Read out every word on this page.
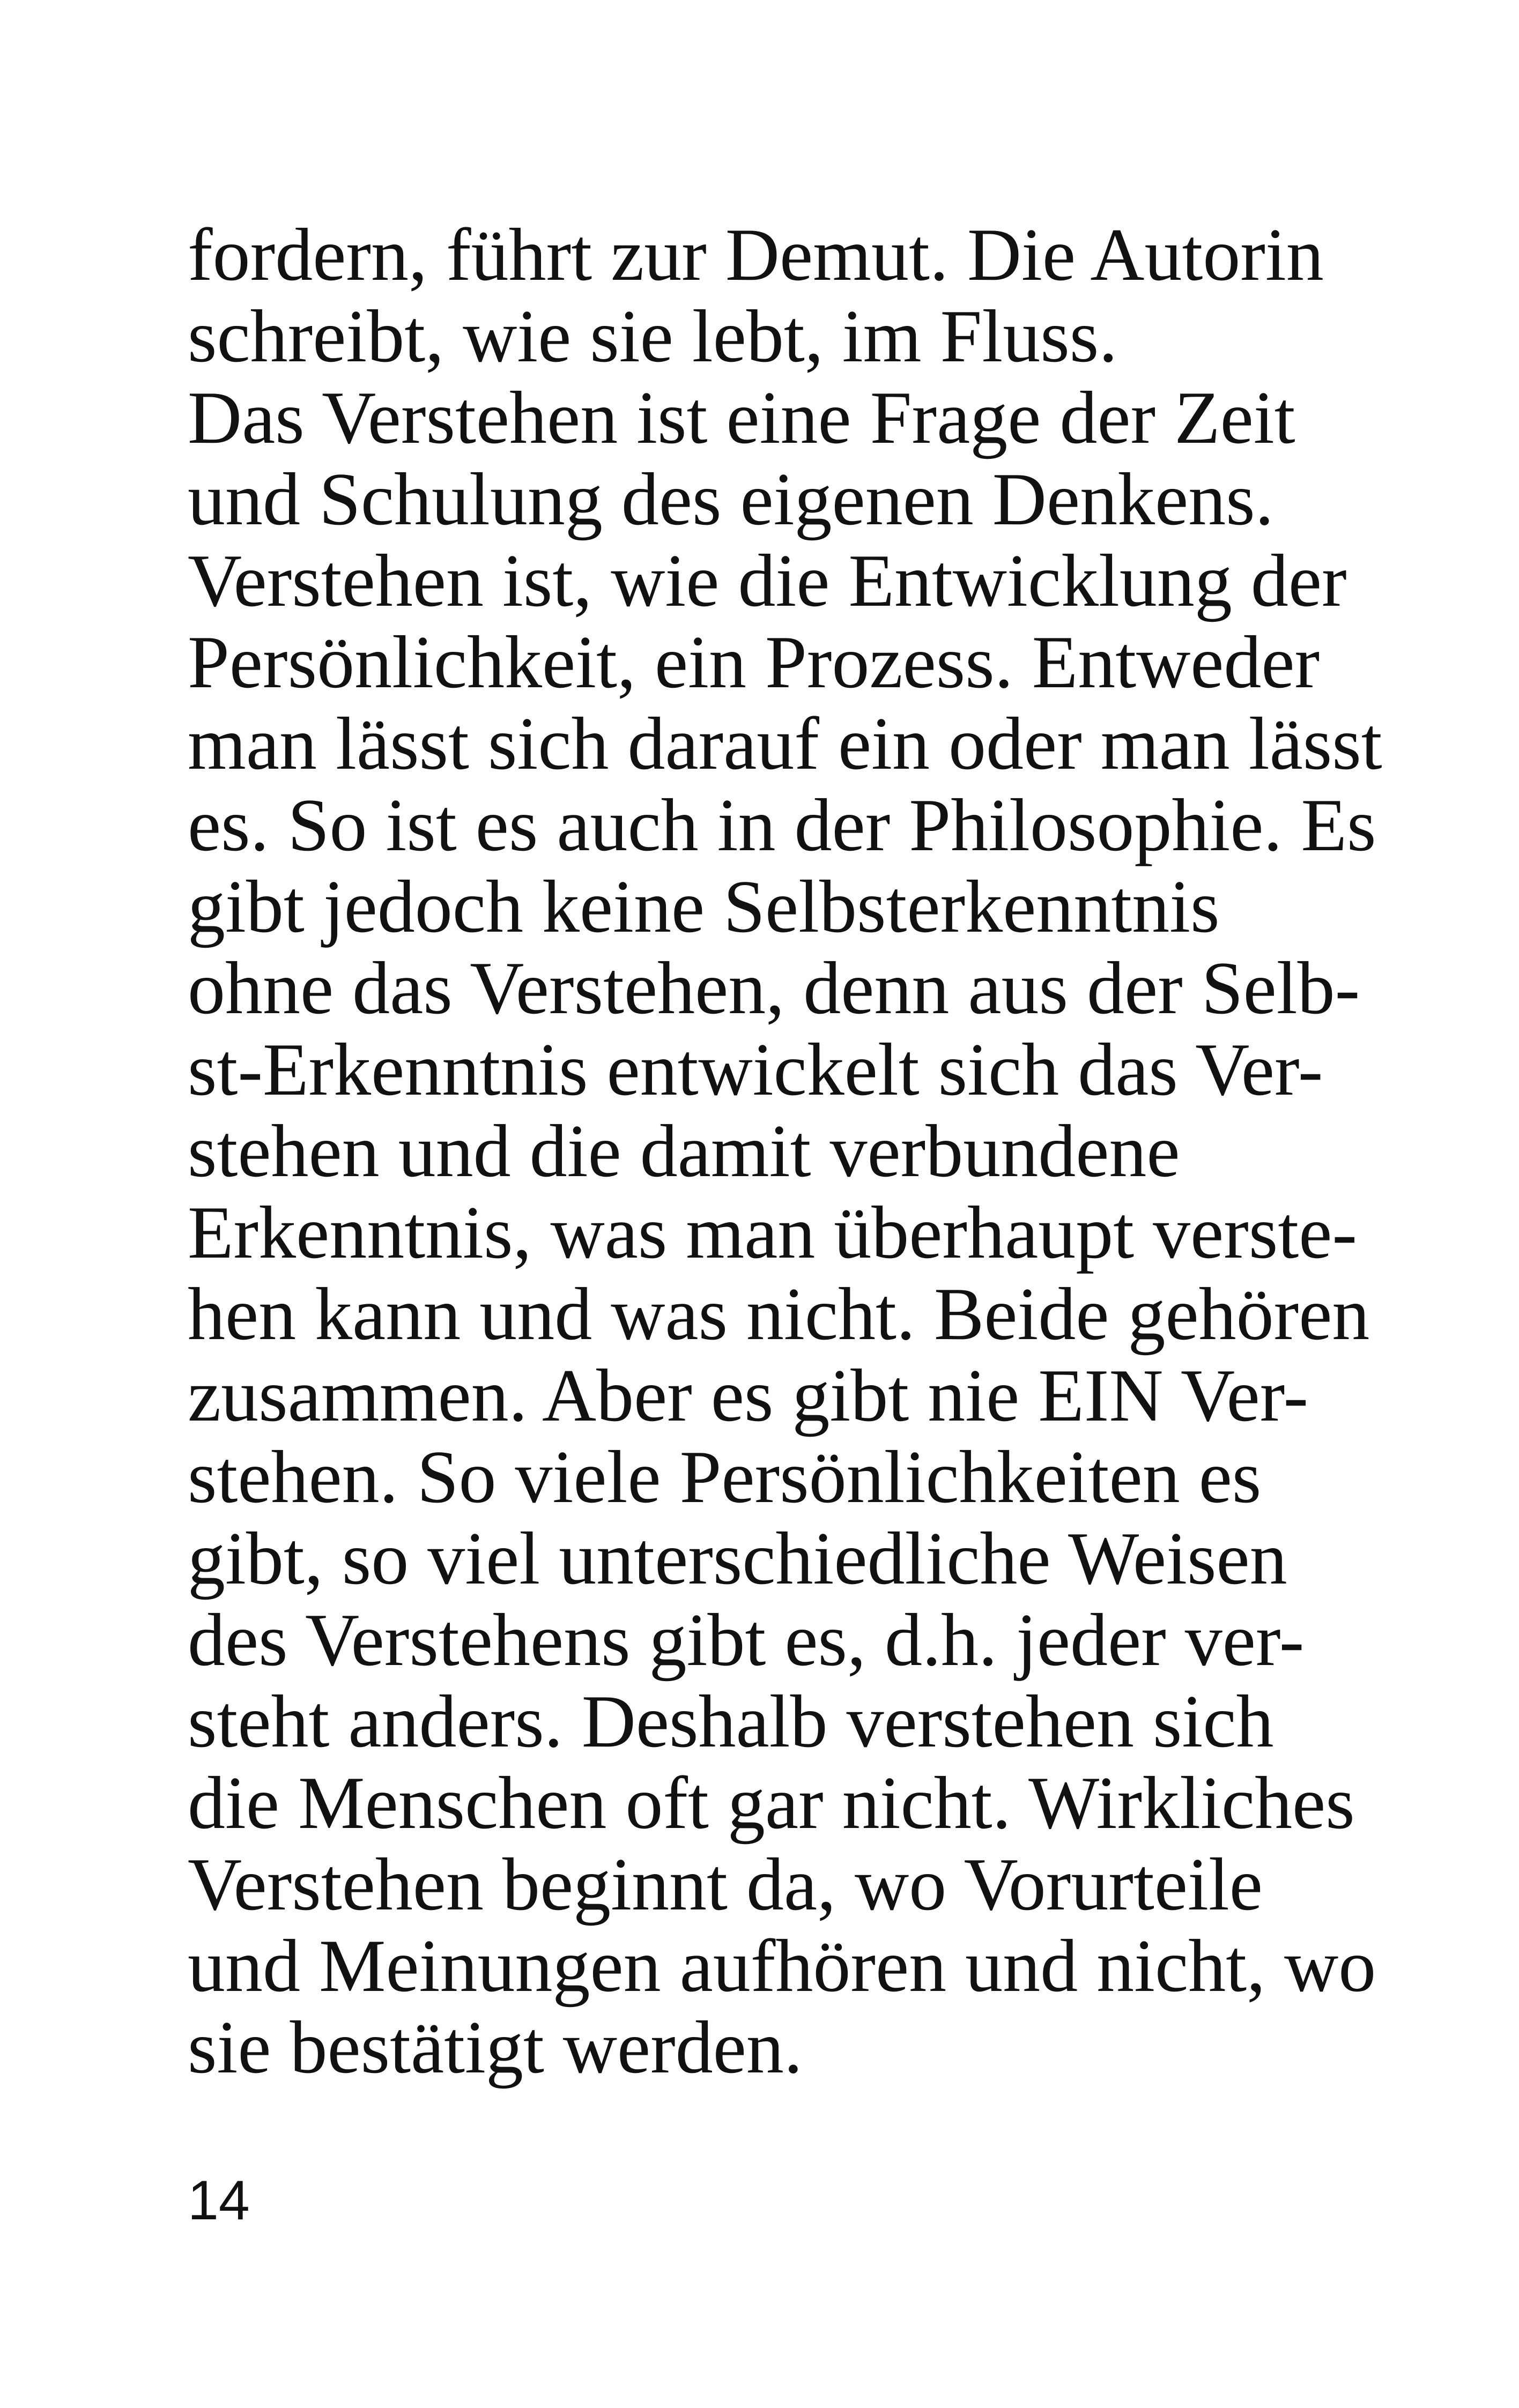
fordern, führt zur Demut. Die Autorin
schreibt, wie sie lebt, im Fluss.
Das Verstehen ist eine Frage der Zeit
und Schulung des eigenen Denkens.
Verstehen ist, wie die Entwicklung der
Persönlichkeit, ein Prozess. Entweder
man lässt sich darauf ein oder man lässt
es. So ist es auch in der Philosophie. Es
gibt jedoch keine Selbsterkenntnis
ohne das Verstehen, denn aus der Selb-
st-Erkenntnis entwickelt sich das Ver-
stehen und die damit verbundene
Erkenntnis, was man überhaupt verste-
hen kann und was nicht. Beide gehören
zusammen. Aber es gibt nie EIN Ver-
stehen. So viele Persönlichkeiten es
gibt, so viel unterschiedliche Weisen
des Verstehens gibt es, d.h. jeder ver-
steht anders. Deshalb verstehen sich
die Menschen oft gar nicht. Wirkliches
Verstehen beginnt da, wo Vorurteile
und Meinungen aufhören und nicht, wo
sie bestätigt werden.
14
